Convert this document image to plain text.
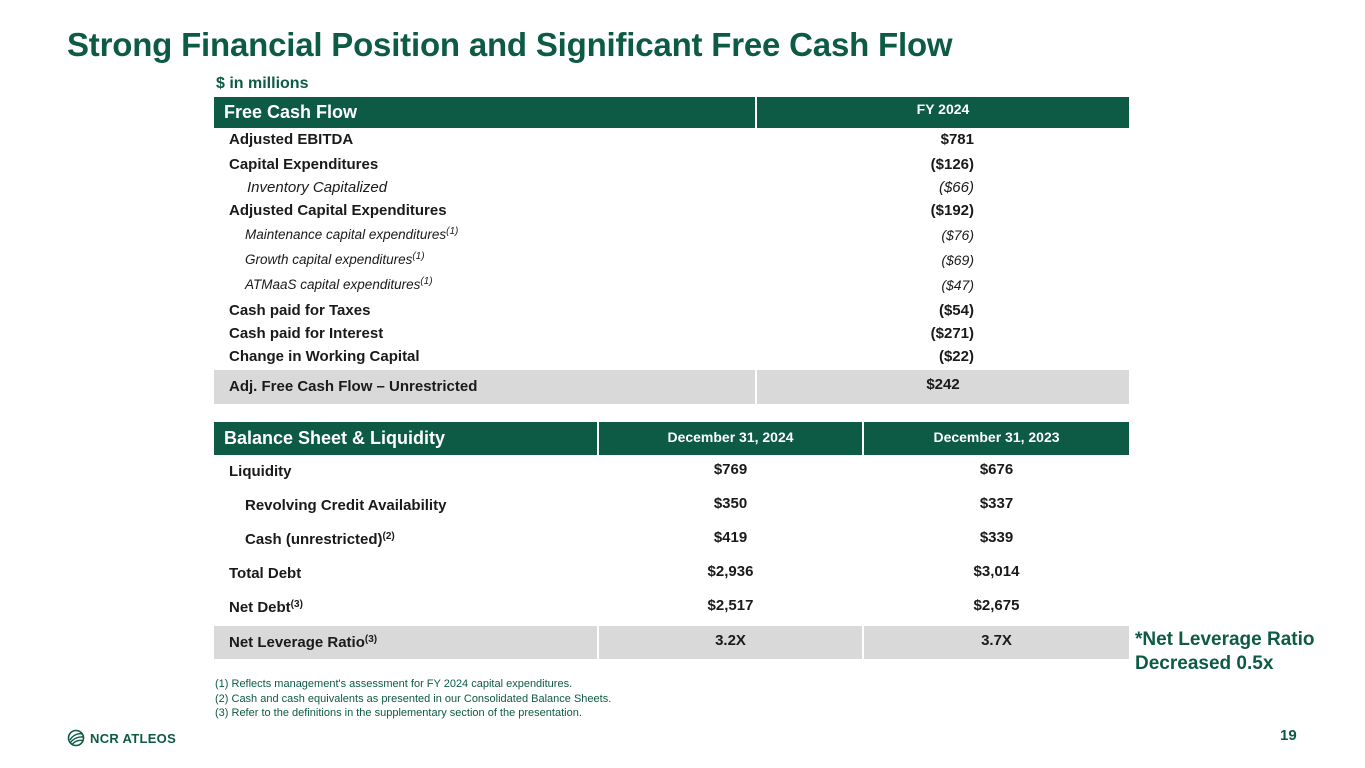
Strong Financial Position and Significant Free Cash Flow
$ in millions
Free Cash Flow	FY 2024
Adjusted EBITDA	$781
Capital Expenditures	($126)
Inventory Capitalized	($66)
Adjusted Capital Expenditures	($192)
Maintenance capital expenditures$^{(1)}$	($76)
Growth capital expenditures$^{(1)}$	($69)
ATMaaS capital expenditures$^{(1)}$	($47)
Cash paid for Taxes	($54)
Cash paid for Interest	($271)
Change in Working Capital	($22)
Adj. Free Cash Flow – Unrestricted	$242
Balance Sheet & Liquidity	December 31, 2024	December 31, 2023
Liquidity	$769	$676
Revolving Credit Availability	$350	$337
Cash (unrestricted)$^{(2)}$	$419	$339
Total Debt	$2,936	$3,014
Net Debt$^{(3)}$	$2,517	$2,675
Net Leverage Ratio$^{(3)}$	3.2X	3.7X	*Net Leverage Ratio
Decreased 0.5x
(1) Reflects management's assessment for FY 2024 capital expenditures.
(2) Cash and cash equivalents as presented in our Consolidated Balance Sheets.
(3) Refer to the definitions in the supplementary section of the presentation.
NCR ATLEOS	19
